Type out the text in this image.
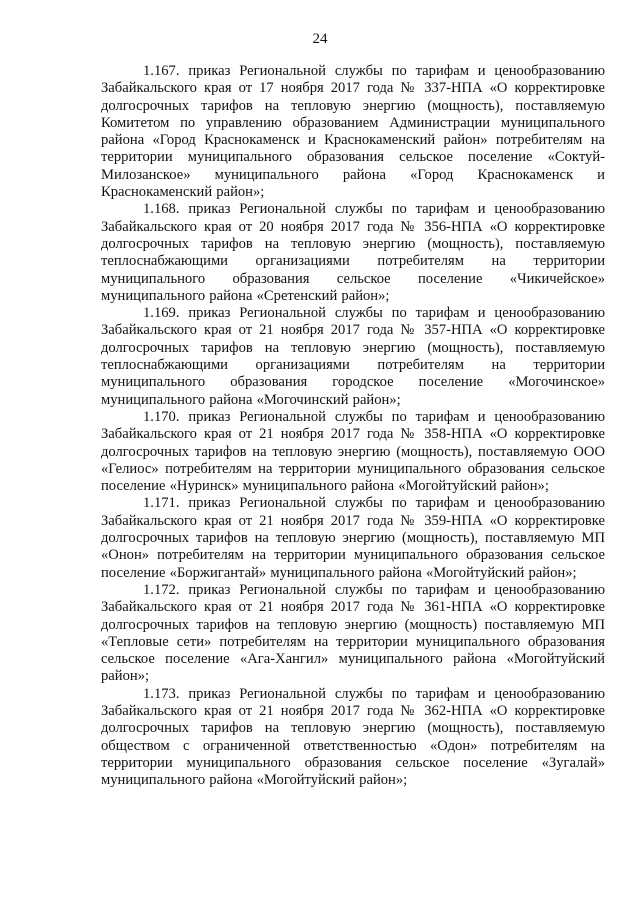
24

1.167. приказ Региональной службы по тарифам и ценообразованию Забайкальского края от 17 ноября 2017 года № 337-НПА «О корректировке долгосрочных тарифов на тепловую энергию (мощность), поставляемую Комитетом по управлению образованием Администрации муниципального района «Город Краснокаменск и Краснокаменский район» потребителям на территории муниципального образования сельское поселение «Соктуй-Милозанское» муниципального района «Город Краснокаменск и Краснокаменский район»;

1.168. приказ Региональной службы по тарифам и ценообразованию Забайкальского края от 20 ноября 2017 года № 356-НПА «О корректировке долгосрочных тарифов на тепловую энергию (мощность), поставляемую теплоснабжающими организациями потребителям на территории муниципального образования сельское поселение «Чикичейское» муниципального района «Сретенский район»;

1.169. приказ Региональной службы по тарифам и ценообразованию Забайкальского края от 21 ноября 2017 года № 357-НПА «О корректировке долгосрочных тарифов на тепловую энергию (мощность), поставляемую теплоснабжающими организациями потребителям на территории муниципального образования городское поселение «Могочинское» муниципального района «Могочинский район»;

1.170. приказ Региональной службы по тарифам и ценообразованию Забайкальского края от 21 ноября 2017 года № 358-НПА «О корректировке долгосрочных тарифов на тепловую энергию (мощность), поставляемую ООО «Гелиос» потребителям на территории муниципального образования сельское поселение «Нуринск» муниципального района «Могойтуйский район»;

1.171. приказ Региональной службы по тарифам и ценообразованию Забайкальского края от 21 ноября 2017 года № 359-НПА «О корректировке долгосрочных тарифов на тепловую энергию (мощность), поставляемую МП «Онон» потребителям на территории муниципального образования сельское поселение «Боржигантай» муниципального района «Могойтуйский район»;

1.172. приказ Региональной службы по тарифам и ценообразованию Забайкальского края от 21 ноября 2017 года № 361-НПА «О корректировке долгосрочных тарифов на тепловую энергию (мощность) поставляемую МП «Тепловые сети» потребителям на территории муниципального образования сельское поселение «Ага-Хангил» муниципального района «Могойтуйский район»;

1.173. приказ Региональной службы по тарифам и ценообразованию Забайкальского края от 21 ноября 2017 года № 362-НПА «О корректировке долгосрочных тарифов на тепловую энергию (мощность), поставляемую обществом с ограниченной ответственностью «Одон» потребителям на территории муниципального образования сельское поселение «Зугалай» муниципального района «Могойтуйский район»;
